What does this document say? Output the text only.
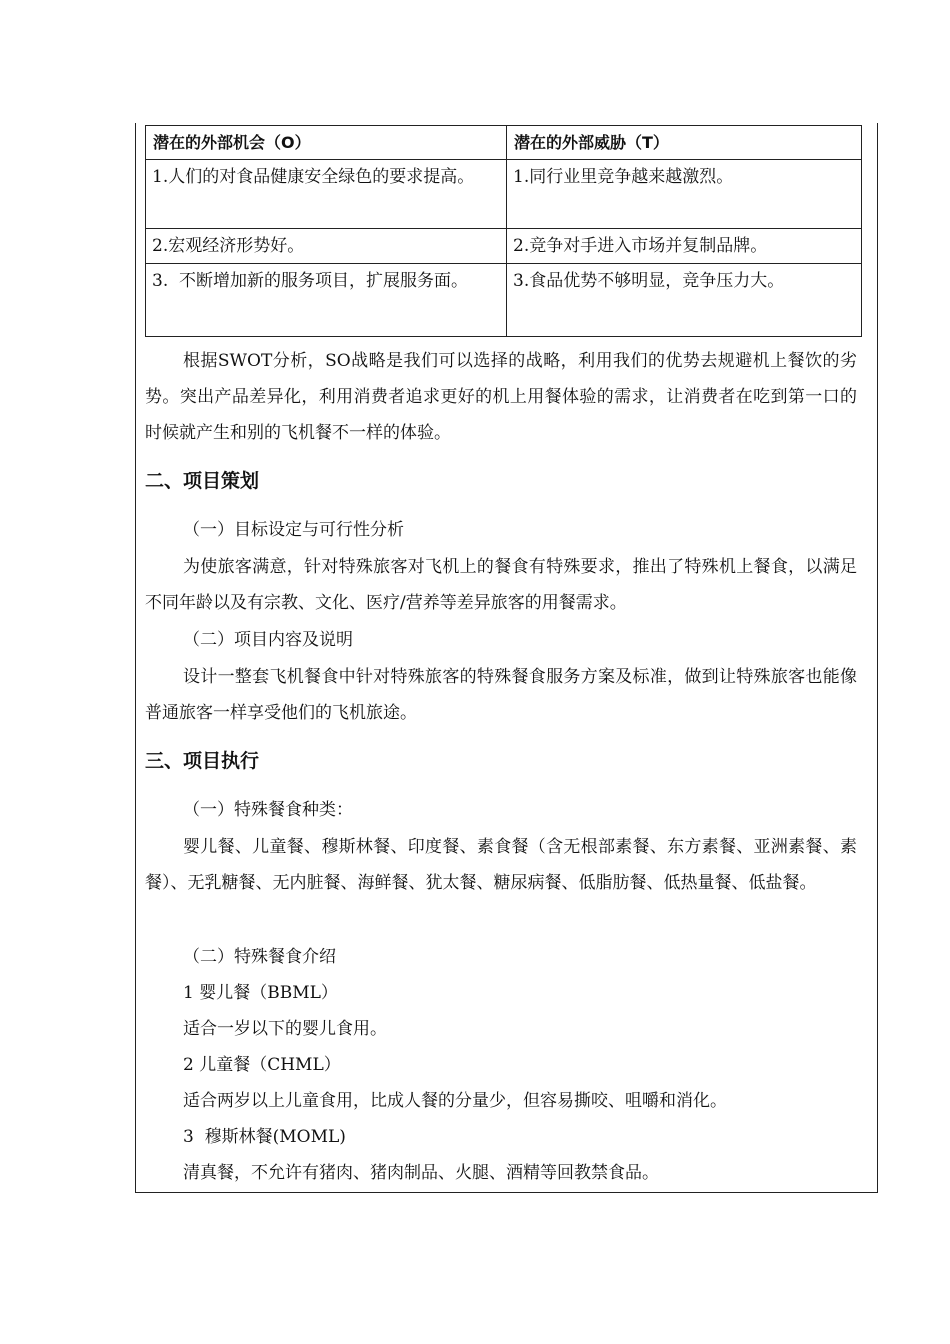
潜在的外部机会（O）	潜在的外部威胁（T）
1.人们的对食品健康安全绿色的要求提高。	1.同行业里竞争越来越激烈。
2.宏观经济形势好。	2.竞争对手进入市场并复制品牌。
3.  不断增加新的服务项目，扩展服务面。	3.食品优势不够明显，竞争压力大。

根据SWOT分析，SO战略是我们可以选择的战略，利用我们的优势去规避机上餐饮的劣势。突出产品差异化，利用消费者追求更好的机上用餐体验的需求，让消费者在吃到第一口的时候就产生和别的飞机餐不一样的体验。

二、项目策划
（一）目标设定与可行性分析

为使旅客满意，针对特殊旅客对飞机上的餐食有特殊要求，推出了特殊机上餐食，以满足不同年龄以及有宗教、文化、医疗/营养等差异旅客的用餐需求。

（二）项目内容及说明

设计一整套飞机餐食中针对特殊旅客的特殊餐食服务方案及标准，做到让特殊旅客也能像普通旅客一样享受他们的飞机旅途。

三、项目执行
（一）特殊餐食种类：

婴儿餐、儿童餐、穆斯林餐、印度餐、素食餐（含无根部素餐、东方素餐、亚洲素餐、素餐）、无乳糖餐、无内脏餐、海鲜餐、犹太餐、糖尿病餐、低脂肪餐、低热量餐、低盐餐。

（二）特殊餐食介绍
1 婴儿餐（BBML）
适合一岁以下的婴儿食用。
2 儿童餐（CHML）
适合两岁以上儿童食用，比成人餐的分量少，但容易撕咬、咀嚼和消化。
3  穆斯林餐(MOML)
清真餐，不允许有猪肉、猪肉制品、火腿、酒精等回教禁食品。
